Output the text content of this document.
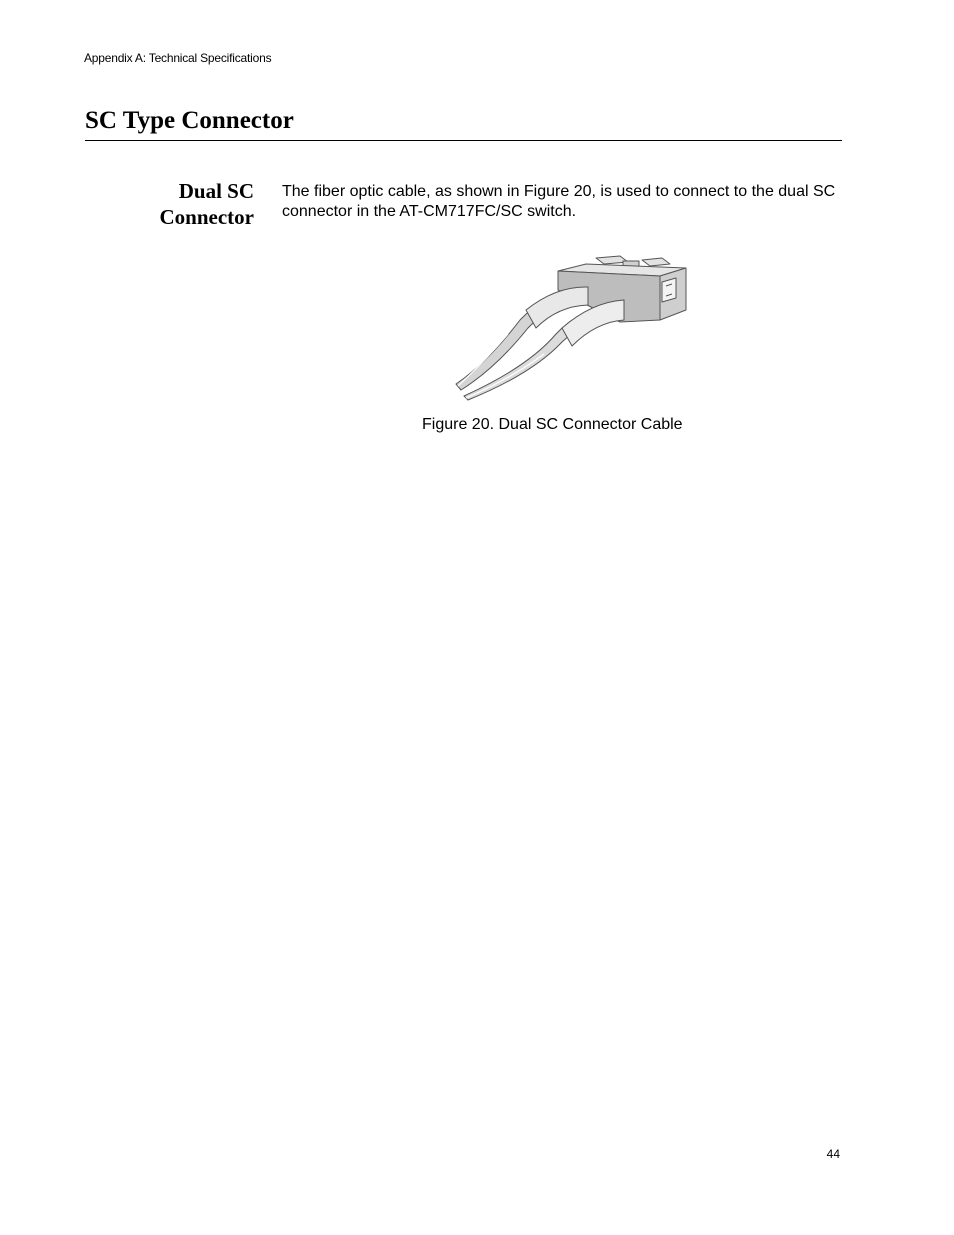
Appendix A: Technical Specifications
SC Type Connector
Dual SC
Connector

The fiber optic cable, as shown in Figure 20, is used to connect to the dual SC connector in the AT-CM717FC/SC switch.

Figure 20. Dual SC Connector Cable
44
